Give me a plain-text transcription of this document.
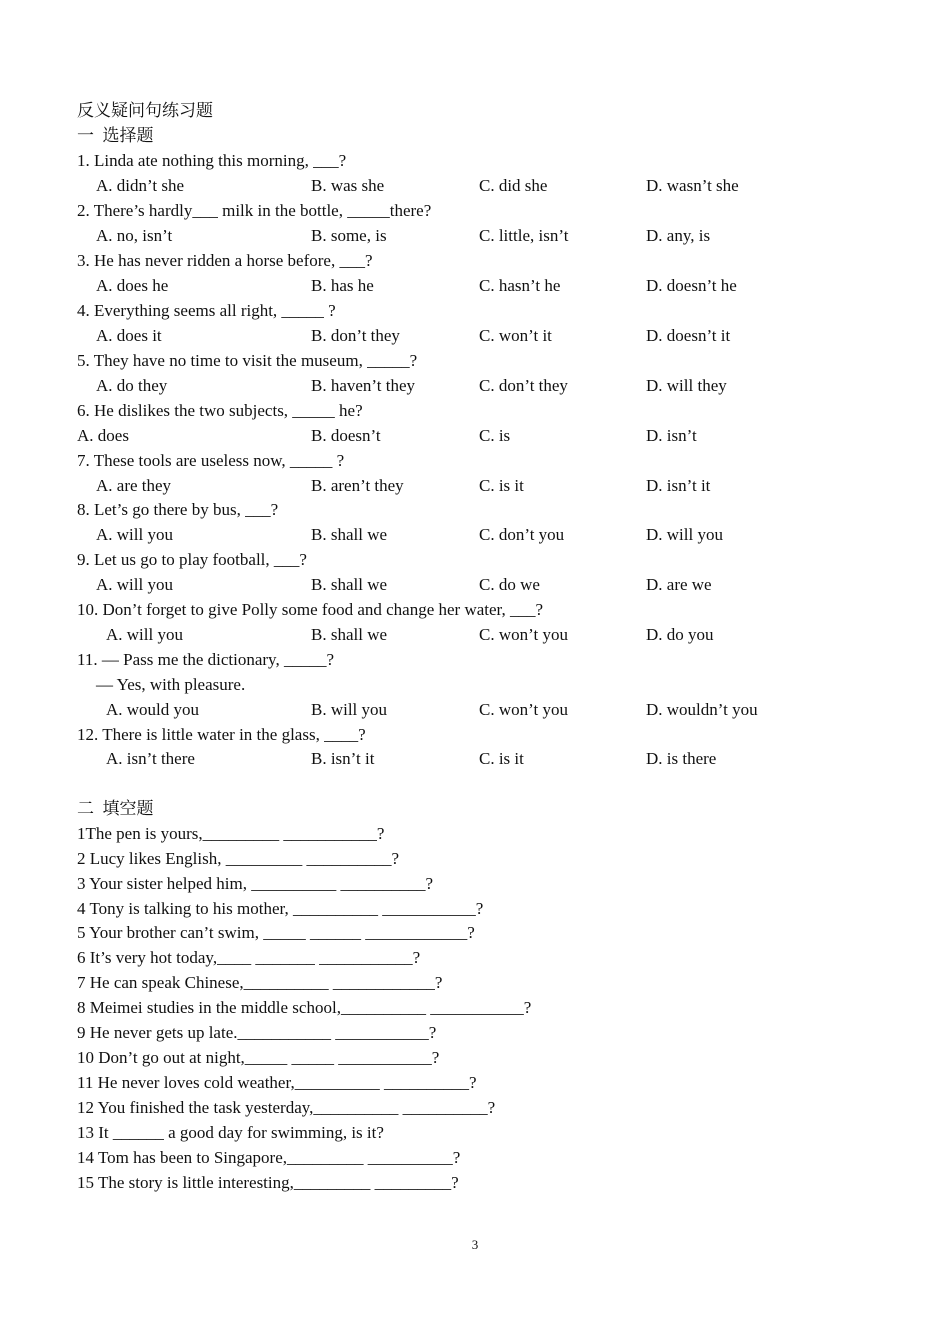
反义疑问句练习题
一  选择题
1. Linda ate nothing this morning, ___?
A. didn’t she	B. was she	C. did she	D. wasn’t she
2. There’s hardly___ milk in the bottle, _____there?
A. no, isn’t	B. some, is	C. little, isn’t	D. any, is
3. He has never ridden a horse before, ___?
A. does he	B. has he	C. hasn’t he	D. doesn’t he
4. Everything seems all right, _____ ?
A. does it	B. don’t they	C. won’t it	D. doesn’t it
5. They have no time to visit the museum, _____?
A. do they	B. haven’t they	C. don’t they	D. will they
6. He dislikes the two subjects, _____ he?
A. does	B. doesn’t	C. is	D. isn’t
7. These tools are useless now, _____ ?
A. are they	B. aren’t they	C. is it	D. isn’t it
8. Let’s go there by bus, ___?
A. will you	B. shall we	C. don’t you	D. will you
9. Let us go to play football, ___?
A. will you	B. shall we	C. do we	D. are we
10. Don’t forget to give Polly some food and change her water, ___?
A. will you	B. shall we	C. won’t you	D. do you
11. — Pass me the dictionary, _____?
— Yes, with pleasure.
A. would you	B. will you	C. won’t you	D. wouldn’t you
12. There is little water in the glass, ____?
A. isn’t there	B. isn’t it	C. is it	D. is there
二  填空题
1The pen is yours,_________ ___________?
2 Lucy likes English, _________ __________?
3 Your sister helped him, __________ __________?
4 Tony is talking to his mother, __________ ___________?
5 Your brother can’t swim, _____ ______ ____________?
6 It’s very hot today,____ _______ ___________?
7 He can speak Chinese,__________ ____________?
8 Meimei studies in the middle school,__________ ___________?
9 He never gets up late.___________ ___________?
10 Don’t go out at night,_____ _____ ___________?
11 He never loves cold weather,__________ __________?
12 You finished the task yesterday,__________ __________?
13 It ______ a good day for swimming, is it?
14 Tom has been to Singapore,_________ __________?
15 The story is little interesting,_________ _________?
3
